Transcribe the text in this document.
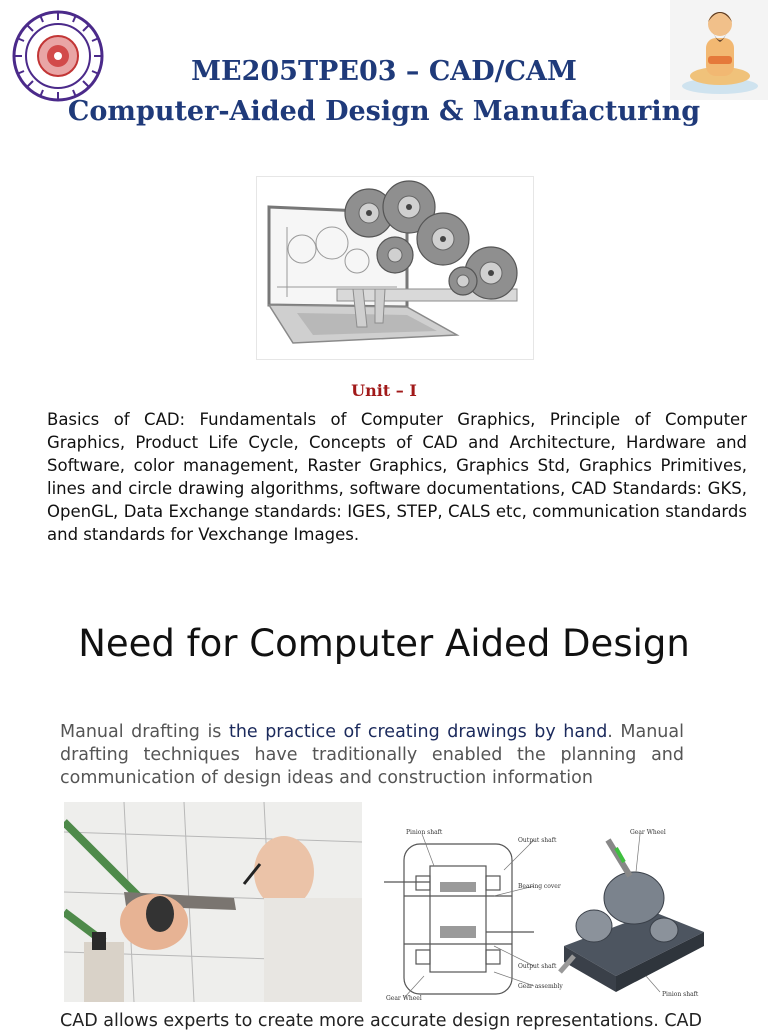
ME205TPE03 – CAD/CAM
Computer-Aided Design & Manufacturing
Unit – I
Basics of CAD: Fundamentals of Computer Graphics, Principle of Computer Graphics, Product Life Cycle, Concepts of CAD and Architecture, Hardware and Software, color management, Raster Graphics, Graphics Std, Graphics Primitives, lines and circle drawing algorithms, software documentations, CAD Standards: GKS, OpenGL, Data Exchange standards: IGES, STEP, CALS etc, communication standards and standards for Vexchange Images.
Need for Computer Aided Design
Manual drafting is the practice of creating drawings by hand. Manual drafting techniques have traditionally enabled the planning and communication of design ideas and construction information
Pinion shaft
Output shaft
Gear Wheel
Bearing cover
Output shaft
Gear assembly
Gear Wheel
Pinion shaft
CAD allows experts to create more accurate design representations. CAD
